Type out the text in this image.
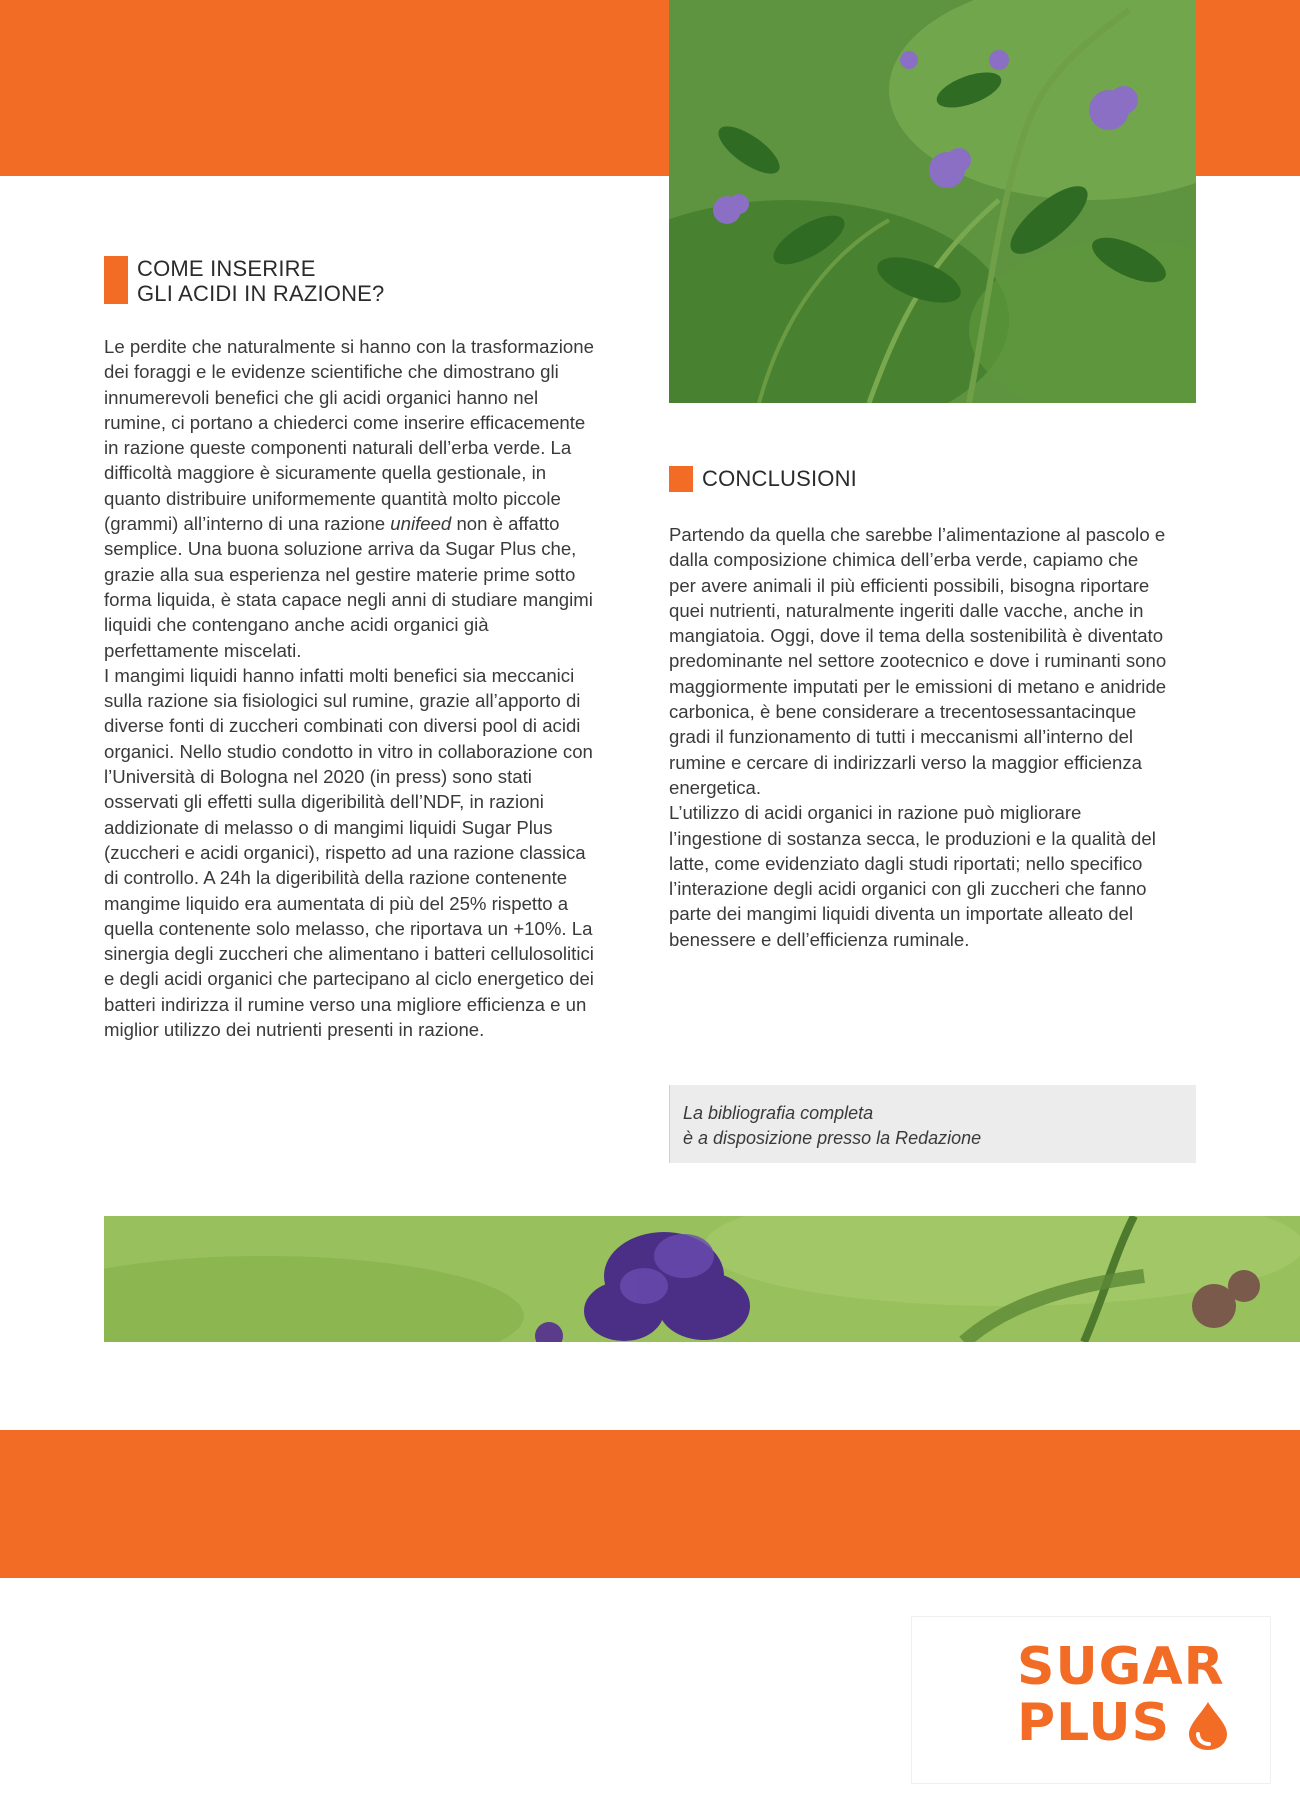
COME INSERIRE
GLI ACIDI IN RAZIONE?

Le perdite che naturalmente si hanno con la trasformazione dei foraggi e le evidenze scientifiche che dimostrano gli innumerevoli benefici che gli acidi organici hanno nel rumine, ci portano a chiederci come inserire efficacemente in razione queste componenti naturali dell’erba verde. La difficoltà maggiore è sicuramente quella gestionale, in quanto distribuire uniformemente quantità molto piccole (grammi) all’interno di una razione unifeed non è affatto semplice. Una buona soluzione arriva da Sugar Plus che, grazie alla sua esperienza nel gestire materie prime sotto forma liquida, è stata capace negli anni di studiare mangimi liquidi che contengano anche acidi organici già perfettamente miscelati.

I mangimi liquidi hanno infatti molti benefici sia meccanici sulla razione sia fisiologici sul rumine, grazie all’apporto di diverse fonti di zuccheri combinati con diversi pool di acidi organici. Nello studio condotto in vitro in collaborazione con l’Università di Bologna nel 2020 (in press) sono stati osservati gli effetti sulla digeribilità dell’NDF, in razioni addizionate di melasso o di mangimi liquidi Sugar Plus (zuccheri e acidi organici), rispetto ad una razione classica di controllo. A 24h la digeribilità della razione contenente mangime liquido era aumentata di più del 25% rispetto a quella contenente solo melasso, che riportava un +10%. La sinergia degli zuccheri che alimentano i batteri cellulosolitici e degli acidi organici che partecipano al ciclo energetico dei batteri indirizza il rumine verso una migliore efficienza e un miglior utilizzo dei nutrienti presenti in razione.

CONCLUSIONI

Partendo da quella che sarebbe l’alimentazione al pascolo e dalla composizione chimica dell’erba verde, capiamo che per avere animali il più efficienti possibili, bisogna riportare quei nutrienti, naturalmente ingeriti dalle vacche, anche in mangiatoia. Oggi, dove il tema della sostenibilità è diventato predominante nel settore zootecnico e dove i ruminanti sono maggiormente imputati per le emissioni di metano e anidride carbonica, è bene considerare a trecentosessantacinque gradi il funzionamento di tutti i meccanismi all’interno del rumine e cercare di indirizzarli verso la maggior efficienza energetica.

L’utilizzo di acidi organici in razione può migliorare l’ingestione di sostanza secca, le produzioni e la qualità del latte, come evidenziato dagli studi riportati; nello specifico l’interazione degli acidi organici con gli zuccheri che fanno parte dei mangimi liquidi diventa un importate alleato del benessere e dell’efficienza ruminale.

La bibliografia completa
è a disposizione presso la Redazione
SUGAR
PLUS
